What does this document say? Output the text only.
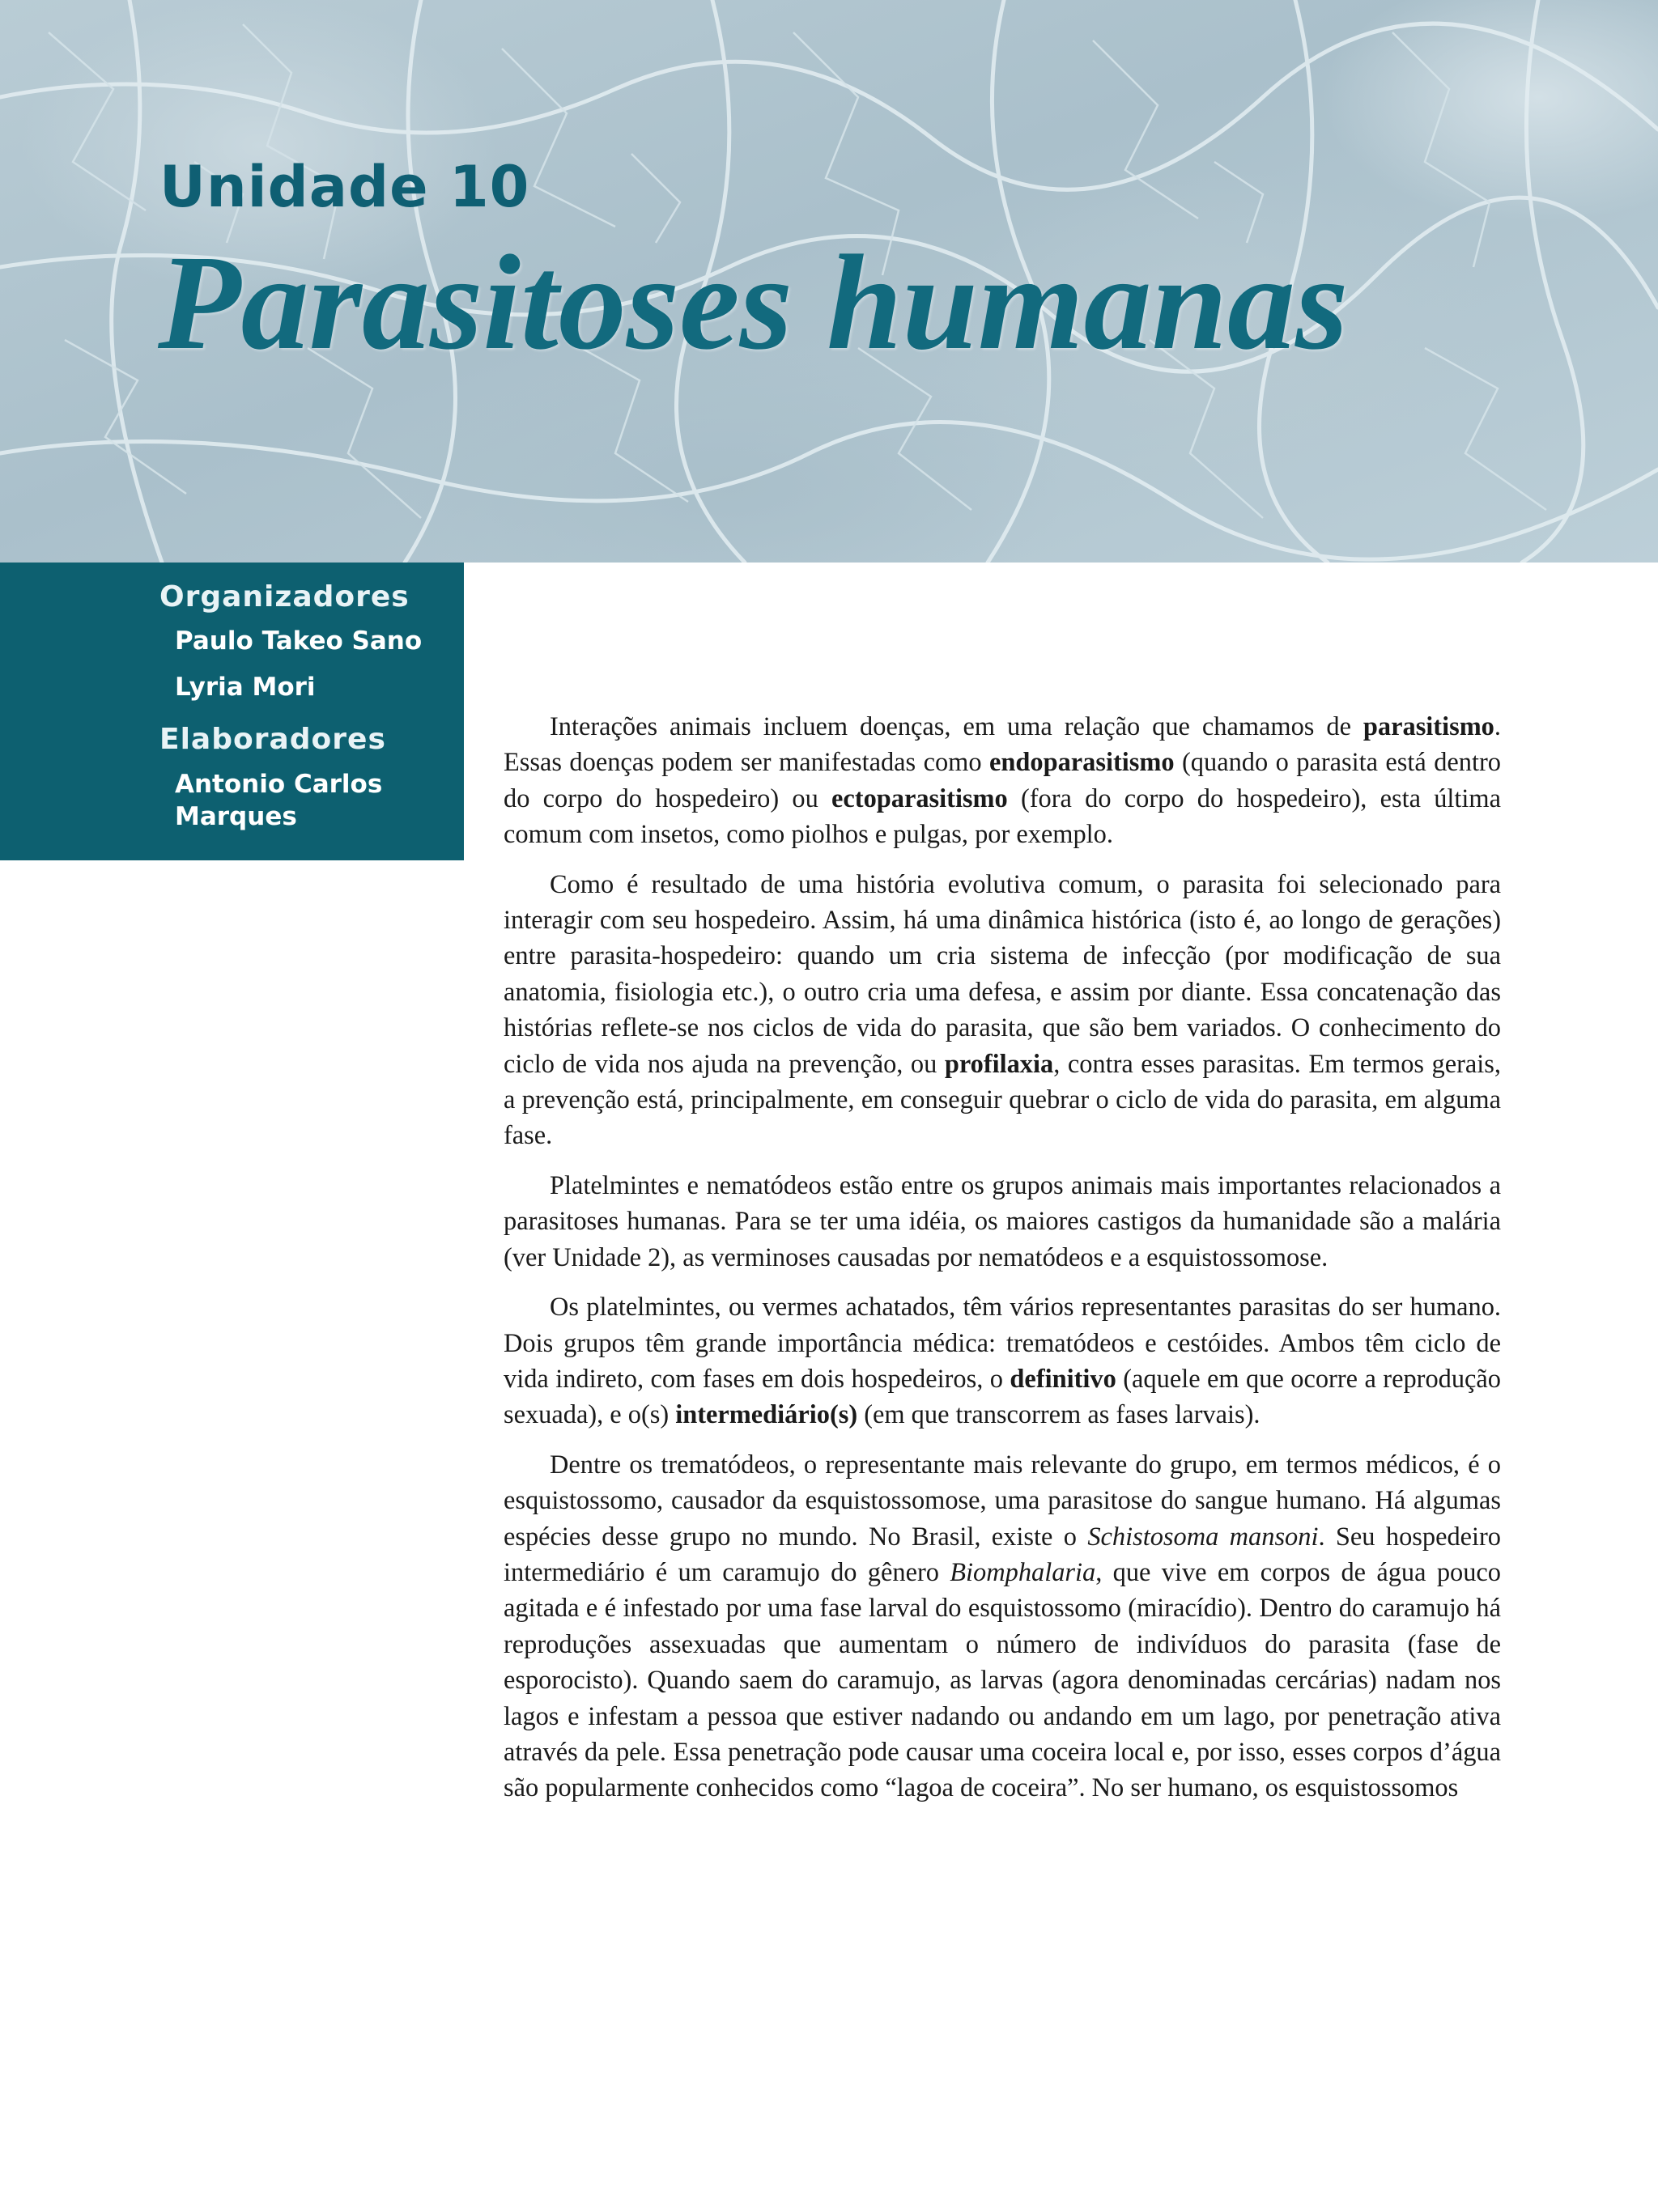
Unidade 10
Parasitoses humanas
Organizadores
Paulo Takeo Sano
Lyria Mori
Elaboradores
Antonio Carlos Marques

Interações animais incluem doenças, em uma relação que chamamos de parasitismo. Essas doenças podem ser manifestadas como endoparasitismo (quando o parasita está dentro do corpo do hospedeiro) ou ectoparasitismo (fora do corpo do hospedeiro), esta última comum com insetos, como piolhos e pulgas, por exemplo.

Como é resultado de uma história evolutiva comum, o parasita foi selecionado para interagir com seu hospedeiro. Assim, há uma dinâmica histórica (isto é, ao longo de gerações) entre parasita-hospedeiro: quando um cria sistema de infecção (por modificação de sua anatomia, fisiologia etc.), o outro cria uma defesa, e assim por diante. Essa concatenação das histórias reflete-se nos ciclos de vida do parasita, que são bem variados. O conhecimento do ciclo de vida nos ajuda na prevenção, ou profilaxia, contra esses parasitas. Em termos gerais, a prevenção está, principalmente, em conseguir quebrar o ciclo de vida do parasita, em alguma fase.

Platelmintes e nematódeos estão entre os grupos animais mais importantes relacionados a parasitoses humanas. Para se ter uma idéia, os maiores castigos da humanidade são a malária (ver Unidade 2), as verminoses causadas por nematódeos e a esquistossomose.

Os platelmintes, ou vermes achatados, têm vários representantes parasitas do ser humano. Dois grupos têm grande importância médica: trematódeos e cestóides. Ambos têm ciclo de vida indireto, com fases em dois hospedeiros, o definitivo (aquele em que ocorre a reprodução sexuada), e o(s) intermediário(s) (em que transcorrem as fases larvais).

Dentre os trematódeos, o representante mais relevante do grupo, em termos médicos, é o esquistossomo, causador da esquistossomose, uma parasitose do sangue humano. Há algumas espécies desse grupo no mundo. No Brasil, existe o Schistosoma mansoni. Seu hospedeiro intermediário é um caramujo do gênero Biomphalaria, que vive em corpos de água pouco agitada e é infestado por uma fase larval do esquistossomo (miracídio). Dentro do caramujo há reproduções assexuadas que aumentam o número de indivíduos do parasita (fase de esporocisto). Quando saem do caramujo, as larvas (agora denominadas cercárias) nadam nos lagos e infestam a pessoa que estiver nadando ou andando em um lago, por penetração ativa através da pele. Essa penetração pode causar uma coceira local e, por isso, esses corpos d’água são popularmente conhecidos como “lagoa de coceira”. No ser humano, os esquistossomos
